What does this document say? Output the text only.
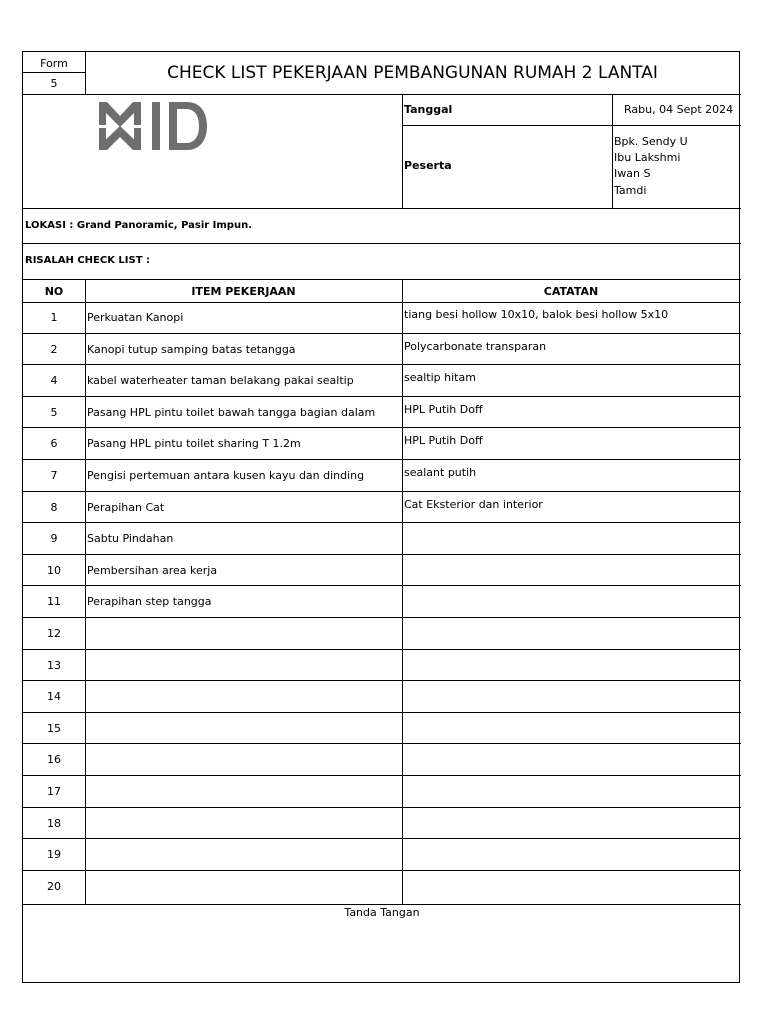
Form
5
CHECK LIST PEKERJAAN PEMBANGUNAN RUMAH 2 LANTAI
Tanggal	Rabu, 04 Sept 2024
Peserta
Bpk. Sendy U
Ibu Lakshmi
Iwan S
Tamdi
LOKASI : Grand Panoramic, Pasir Impun.
RISALAH CHECK LIST :
NO	ITEM PEKERJAAN	CATATAN
1	Perkuatan Kanopi	tiang besi hollow 10x10, balok besi hollow 5x10
2	Kanopi tutup samping batas tetangga	Polycarbonate transparan
4	kabel waterheater taman belakang pakai sealtip	sealtip hitam
5	Pasang HPL pintu toilet bawah tangga bagian dalam	HPL Putih Doff
6	Pasang HPL pintu toilet sharing T 1.2m	HPL Putih Doff
7	Pengisi pertemuan antara kusen kayu dan dinding	sealant putih
8	Perapihan Cat	Cat Eksterior dan interior
9	Sabtu Pindahan
10	Pembersihan area kerja
11	Perapihan step tangga
12
13
14
15
16
17
18
19
20
Tanda Tangan
